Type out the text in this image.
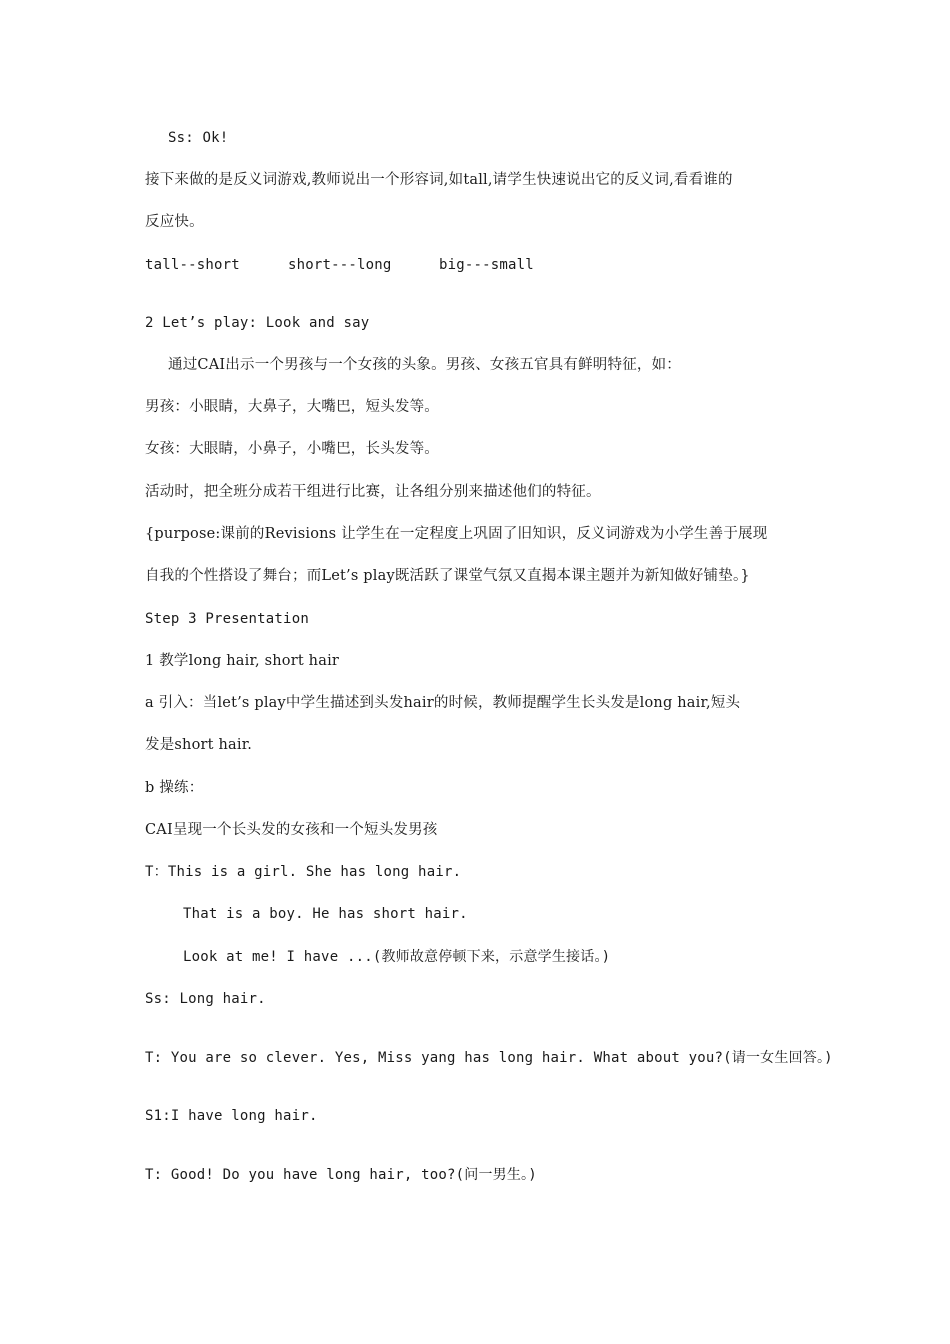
Ss: Ok!
接下来做的是反义词游戏,教师说出一个形容词,如tall,请学生快速说出它的反义词,看看谁的
反应快。
tall--short	short---long	big---small
2 Let’s play: Look and say
通过CAI出示一个男孩与一个女孩的头象。男孩、女孩五官具有鲜明特征，如：
男孩：小眼睛，大鼻子，大嘴巴，短头发等。
女孩：大眼睛，小鼻子，小嘴巴，长头发等。
活动时，把全班分成若干组进行比赛，让各组分别来描述他们的特征。
{purpose:课前的Revisions 让学生在一定程度上巩固了旧知识，反义词游戏为小学生善于展现
自我的个性搭设了舞台；而Let’s play既活跃了课堂气氛又直揭本课主题并为新知做好铺垫。}
Step 3 Presentation
1 教学long hair, short hair
a 引入：当let’s play中学生描述到头发hair的时候，教师提醒学生长头发是long hair,短头
发是short hair.
b 操练：
CAI呈现一个长头发的女孩和一个短头发男孩
T：This is a girl. She has long hair.
That is a boy. He has short hair.
Look at me! I have ...(教师故意停顿下来，示意学生接话。)
Ss: Long hair.
T: You are so clever. Yes, Miss yang has long hair. What about you?(请一女生回答。)
S1:I have long hair.
T: Good! Do you have long hair, too?(问一男生。)
